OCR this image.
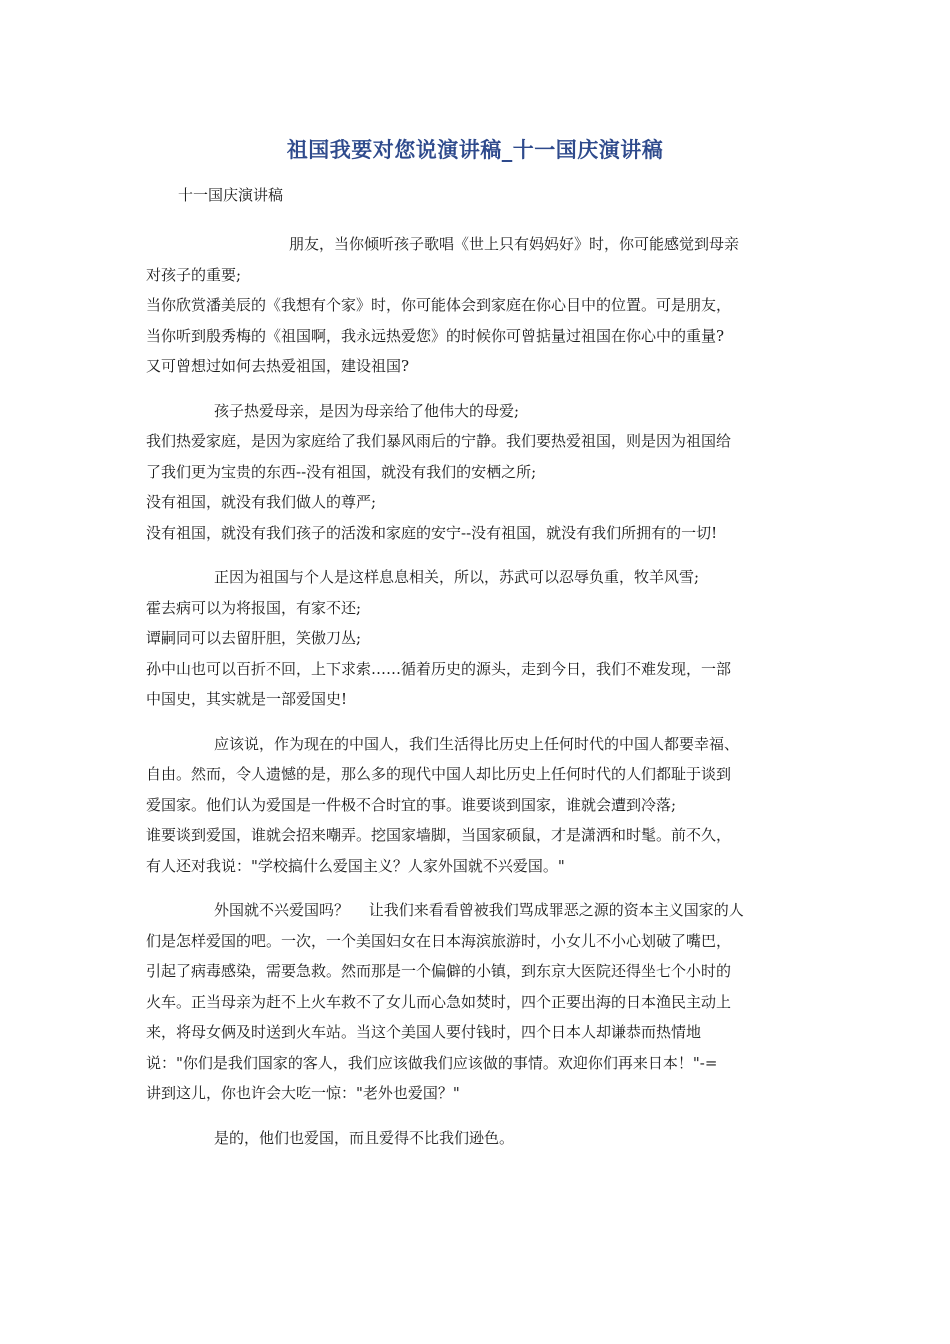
祖国我要对您说演讲稿_十一国庆演讲稿
十一国庆演讲稿

朋友，当你倾听孩子歌唱《世上只有妈妈好》时，你可能感觉到母亲
对孩子的重要;
当你欣赏潘美辰的《我想有个家》时，你可能体会到家庭在你心目中的位置。可是朋友，
当你听到殷秀梅的《祖国啊，我永远热爱您》的时候你可曾掂量过祖国在你心中的重量?
又可曾想过如何去热爱祖国，建设祖国?

孩子热爱母亲，是因为母亲给了他伟大的母爱;
我们热爱家庭，是因为家庭给了我们暴风雨后的宁静。我们要热爱祖国，则是因为祖国给
了我们更为宝贵的东西--没有祖国，就没有我们的安栖之所;
没有祖国，就没有我们做人的尊严;
没有祖国，就没有我们孩子的活泼和家庭的安宁--没有祖国，就没有我们所拥有的一切!

正因为祖国与个人是这样息息相关，所以，苏武可以忍辱负重，牧羊风雪;
霍去病可以为将报国，有家不还;
谭嗣同可以去留肝胆，笑傲刀丛;
孙中山也可以百折不回，上下求索……循着历史的源头，走到今日，我们不难发现，一部
中国史，其实就是一部爱国史!

应该说，作为现在的中国人，我们生活得比历史上任何时代的中国人都要幸福、
自由。然而，令人遗憾的是，那么多的现代中国人却比历史上任何时代的人们都耻于谈到
爱国家。他们认为爱国是一件极不合时宜的事。谁要谈到国家，谁就会遭到冷落;
谁要谈到爱国，谁就会招来嘲弄。挖国家墙脚，当国家硕鼠，才是潇洒和时髦。前不久，
有人还对我说："学校搞什么爱国主义？人家外国就不兴爱国。"

外国就不兴爱国吗？　 让我们来看看曾被我们骂成罪恶之源的资本主义国家的人
们是怎样爱国的吧。一次，一个美国妇女在日本海滨旅游时，小女儿不小心划破了嘴巴，
引起了病毒感染，需要急救。然而那是一个偏僻的小镇，到东京大医院还得坐七个小时的
火车。正当母亲为赶不上火车救不了女儿而心急如焚时，四个正要出海的日本渔民主动上
来，将母女俩及时送到火车站。当这个美国人要付钱时，四个日本人却谦恭而热情地
说："你们是我们国家的客人，我们应该做我们应该做的事情。欢迎你们再来日本！"-=
讲到这儿，你也许会大吃一惊："老外也爱国？"

是的，他们也爱国，而且爱得不比我们逊色。
